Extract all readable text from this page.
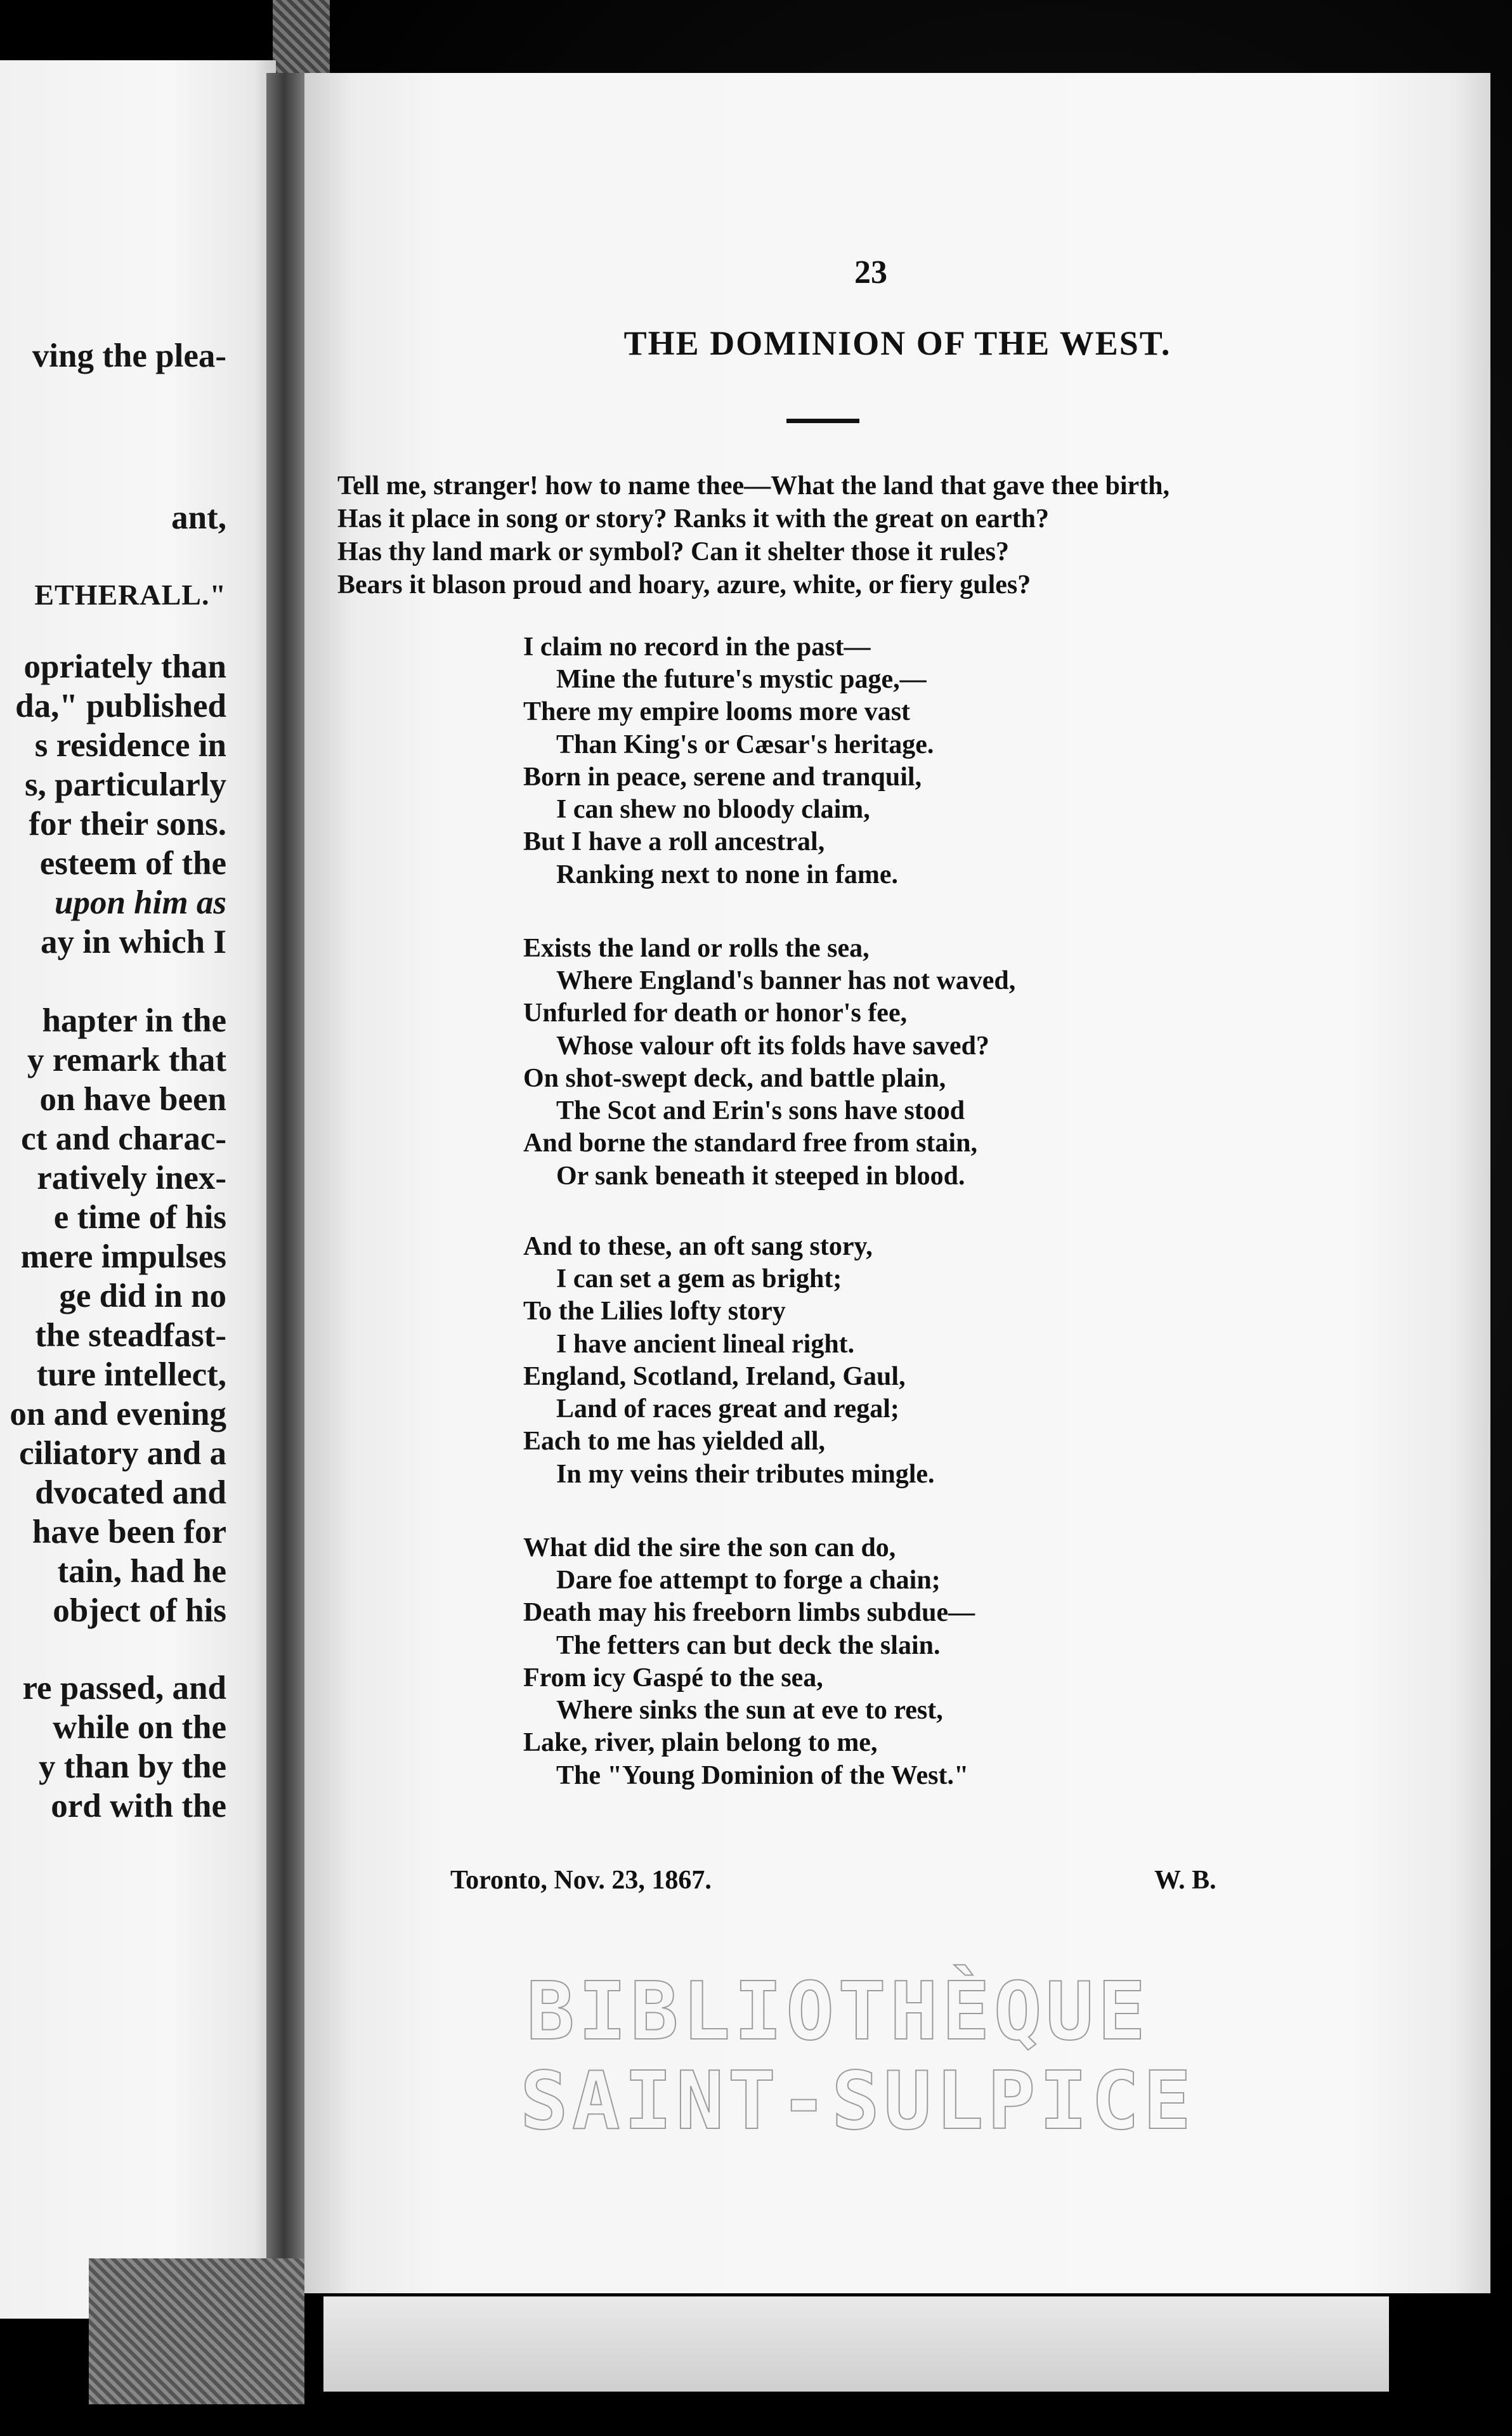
ving the plea-
ant,
ETHERALL."
opriately than
da," published
s residence in
s, particularly
for their sons.
esteem of the
upon him as
ay in which I
hapter in the
y remark that
on have been
ct and charac-
ratively inex-
e time of his
mere impulses
ge did in no
the steadfast-
ture intellect,
on and evening
ciliatory and a
dvocated and
have been for
tain, had he
object of his
re passed, and
while on the
y than by the
ord with the
23
THE DOMINION OF THE WEST.
Tell me, stranger! how to name thee—What the land that gave thee birth,
Has it place in song or story? Ranks it with the great on earth?
Has thy land mark or symbol? Can it shelter those it rules?
Bears it blason proud and hoary, azure, white, or fiery gules?
I claim no record in the past—
Mine the future's mystic page,—
There my empire looms more vast
Than King's or Cæsar's heritage.
Born in peace, serene and tranquil,
I can shew no bloody claim,
But I have a roll ancestral,
Ranking next to none in fame.
Exists the land or rolls the sea,
Where England's banner has not waved,
Unfurled for death or honor's fee,
Whose valour oft its folds have saved?
On shot-swept deck, and battle plain,
The Scot and Erin's sons have stood
And borne the standard free from stain,
Or sank beneath it steeped in blood.
And to these, an oft sang story,
I can set a gem as bright;
To the Lilies lofty story
I have ancient lineal right.
England, Scotland, Ireland, Gaul,
Land of races great and regal;
Each to me has yielded all,
In my veins their tributes mingle.
What did the sire the son can do,
Dare foe attempt to forge a chain;
Death may his freeborn limbs subdue—
The fetters can but deck the slain.
From icy Gaspé to the sea,
Where sinks the sun at eve to rest,
Lake, river, plain belong to me,
The "Young Dominion of the West."
Toronto, Nov. 23, 1867.	W. B.
BIBLIOTHÈQUE
SAINT-SULPICE
